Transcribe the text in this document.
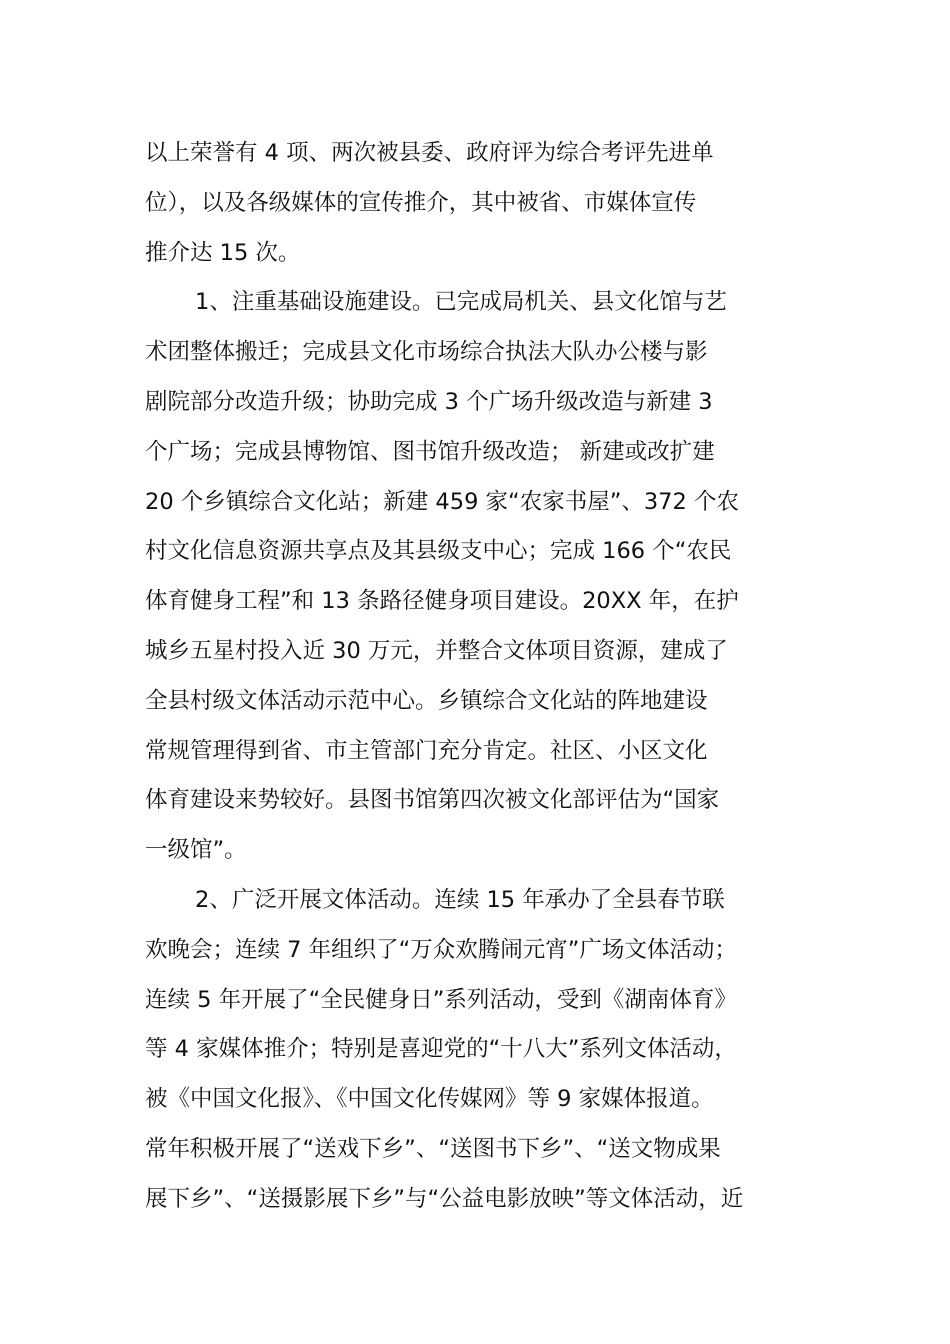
以上荣誉有 4 项、两次被县委、政府评为综合考评先进单
位），以及各级媒体的宣传推介，其中被省、市媒体宣传
推介达 15 次。
1、注重基础设施建设。已完成局机关、县文化馆与艺
术团整体搬迁；完成县文化市场综合执法大队办公楼与影
剧院部分改造升级；协助完成 3 个广场升级改造与新建 3
个广场；完成县博物馆、图书馆升级改造； 新建或改扩建
20 个乡镇综合文化站；新建 459 家“农家书屋”、372 个农
村文化信息资源共享点及其县级支中心；完成 166 个“农民
体育健身工程”和 13 条路径健身项目建设。20XX 年，在护
城乡五星村投入近 30 万元，并整合文体项目资源，建成了
全县村级文体活动示范中心。乡镇综合文化站的阵地建设
常规管理得到省、市主管部门充分肯定。社区、小区文化
体育建设来势较好。县图书馆第四次被文化部评估为“国家
一级馆”。
2、广泛开展文体活动。连续 15 年承办了全县春节联
欢晚会；连续 7 年组织了“万众欢腾闹元宵”广场文体活动；
连续 5 年开展了“全民健身日”系列活动，受到《湖南体育》
等 4 家媒体推介；特别是喜迎党的“十八大”系列文体活动，
被《中国文化报》、《中国文化传媒网》等 9 家媒体报道。
常年积极开展了“送戏下乡”、“送图书下乡”、“送文物成果
展下乡”、“送摄影展下乡”与“公益电影放映”等文体活动，近
